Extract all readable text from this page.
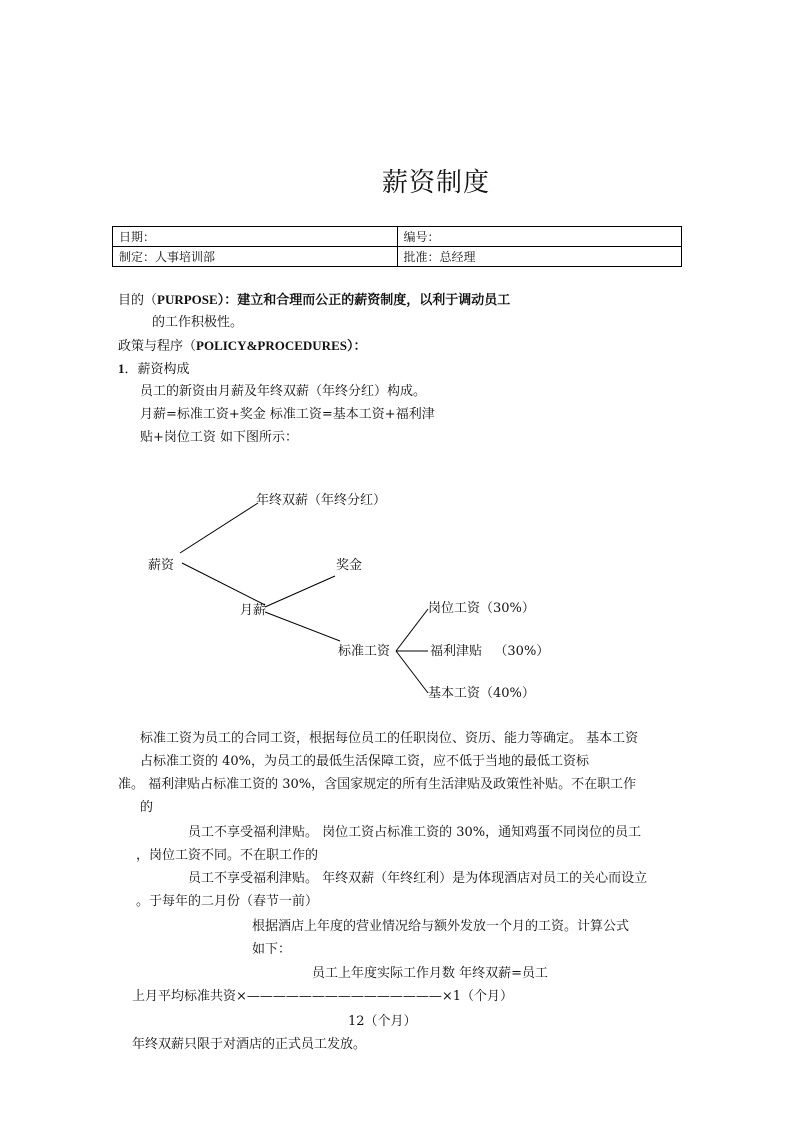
薪资制度
日期：	编号：
制定：人事培训部	批准：总经理
目的（PURPOSE）：建立和合理而公正的薪资制度，以利于调动员工
的工作积极性。
政策与程序（POLICY&PROCEDURES）：
1．薪资构成
员工的新资由月薪及年终双薪（年终分红）构成。
月薪=标准工资+奖金 标准工资=基本工资+福利津
贴+岗位工资 如下图所示：
年终双薪（年终分红）
薪资	奖金
月薪	岗位工资（30%）
标准工资	福利津贴   （30%）
基本工资（40%）
标准工资为员工的合同工资，根据每位员工的任职岗位、资历、能力等确定。 基本工资
占标准工资的 40%，为员工的最低生活保障工资，应不低于当地的最低工资标
准。 福利津贴占标准工资的 30%，含国家规定的所有生活津贴及政策性补贴。不在职工作
的
员工不享受福利津贴。 岗位工资占标准工资的 30%，通知鸡蛋不同岗位的员工
，岗位工资不同。不在职工作的
员工不享受福利津贴。 年终双薪（年终红利）是为体现酒店对员工的关心而设立
。于每年的二月份（春节一前）
根据酒店上年度的营业情况给与额外发放一个月的工资。计算公式
如下：
员工上年度实际工作月数 年终双薪=员工
上月平均标准共资×———————————————×1（个月）
12（个月）
年终双薪只限于对酒店的正式员工发放。
